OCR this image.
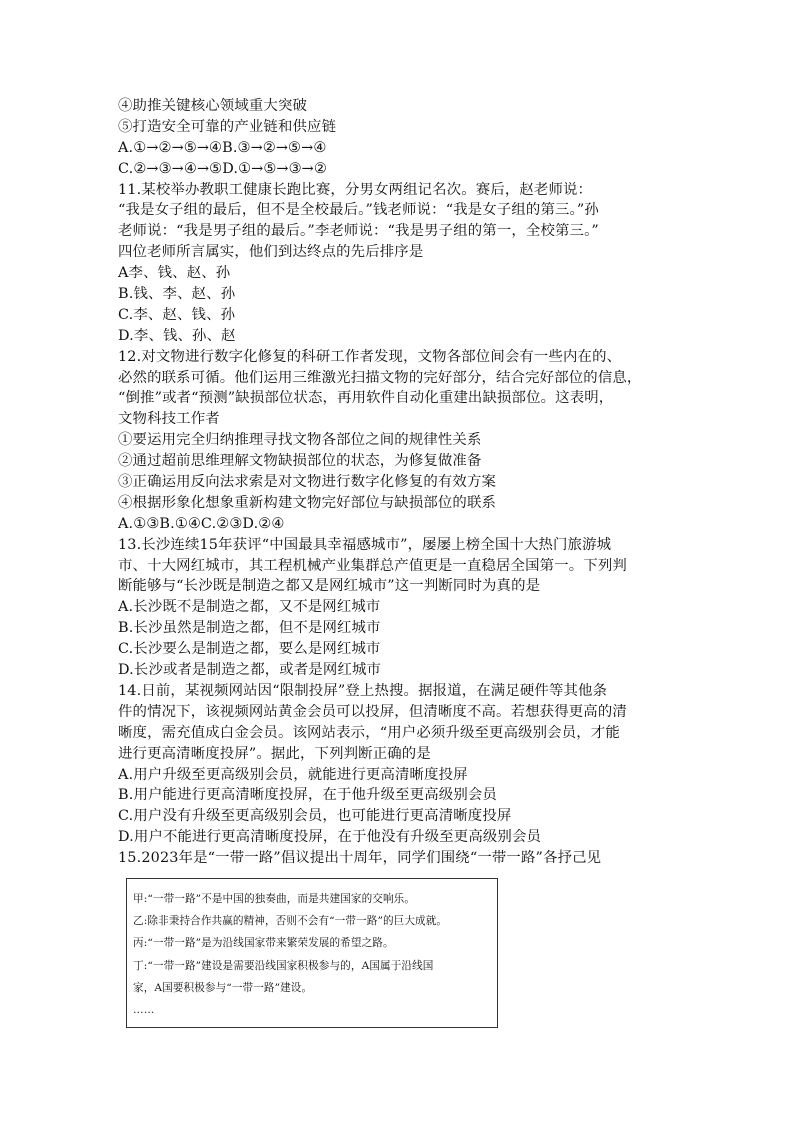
④助推关键核心领域重大突破
⑤打造安全可靠的产业链和供应链
A.①→②→⑤→④B.③→②→⑤→④
C.②→③→④→⑤D.①→⑤→③→②
11.某校举办教职工健康长跑比赛，分男女两组记名次。赛后，赵老师说：
“我是女子组的最后，但不是全校最后。”钱老师说：“我是女子组的第三。”孙
老师说：“我是男子组的最后。”李老师说：“我是男子组的第一，全校第三。”
四位老师所言属实，他们到达终点的先后排序是
A李、钱、赵、孙
B.钱、李、赵、孙
C.李、赵、钱、孙
D.李、钱、孙、赵
12.对文物进行数字化修复的科研工作者发现，文物各部位间会有一些内在的、
必然的联系可循。他们运用三维激光扫描文物的完好部分，结合完好部位的信息，
“倒推”或者“预测”缺损部位状态，再用软件自动化重建出缺损部位。这表明，
文物科技工作者
①要运用完全归纳推理寻找文物各部位之间的规律性关系
②通过超前思维理解文物缺损部位的状态，为修复做准备
③正确运用反向法求索是对文物进行数字化修复的有效方案
④根据形象化想象重新构建文物完好部位与缺损部位的联系
A.①③B.①④C.②③D.②④
13.长沙连续15年获评“中国最具幸福感城市”，屡屡上榜全国十大热门旅游城
市、十大网红城市，其工程机械产业集群总产值更是一直稳居全国第一。下列判
断能够与“长沙既是制造之都又是网红城市”这一判断同时为真的是
A.长沙既不是制造之都，又不是网红城市
B.长沙虽然是制造之都，但不是网红城市
C.长沙要么是制造之都，要么是网红城市
D.长沙或者是制造之都，或者是网红城市
14.日前，某视频网站因“限制投屏”登上热搜。据报道，在满足硬件等其他条
件的情况下，该视频网站黄金会员可以投屏，但清晰度不高。若想获得更高的清
晰度，需充值成白金会员。该网站表示，“用户必须升级至更高级别会员，才能
进行更高清晰度投屏”。据此，下列判断正确的是
A.用户升级至更高级别会员，就能进行更高清晰度投屏
B.用户能进行更高清晰度投屏，在于他升级至更高级别会员
C.用户没有升级至更高级别会员，也可能进行更高清晰度投屏
D.用户不能进行更高清晰度投屏，在于他没有升级至更高级别会员
15.2023年是“一带一路”倡议提出十周年，同学们围绕“一带一路”各抒己见
甲:“一带一路”不是中国的独奏曲，而是共建国家的交响乐。
乙:除非秉持合作共赢的精神，否则不会有“一带一路”的巨大成就。
丙:“一带一路”是为沿线国家带来繁荣发展的希望之路。
丁:“一带一路”建设是需要沿线国家积极参与的，A国属于沿线国
家，A国要积极参与“一带一路”建设。
……
